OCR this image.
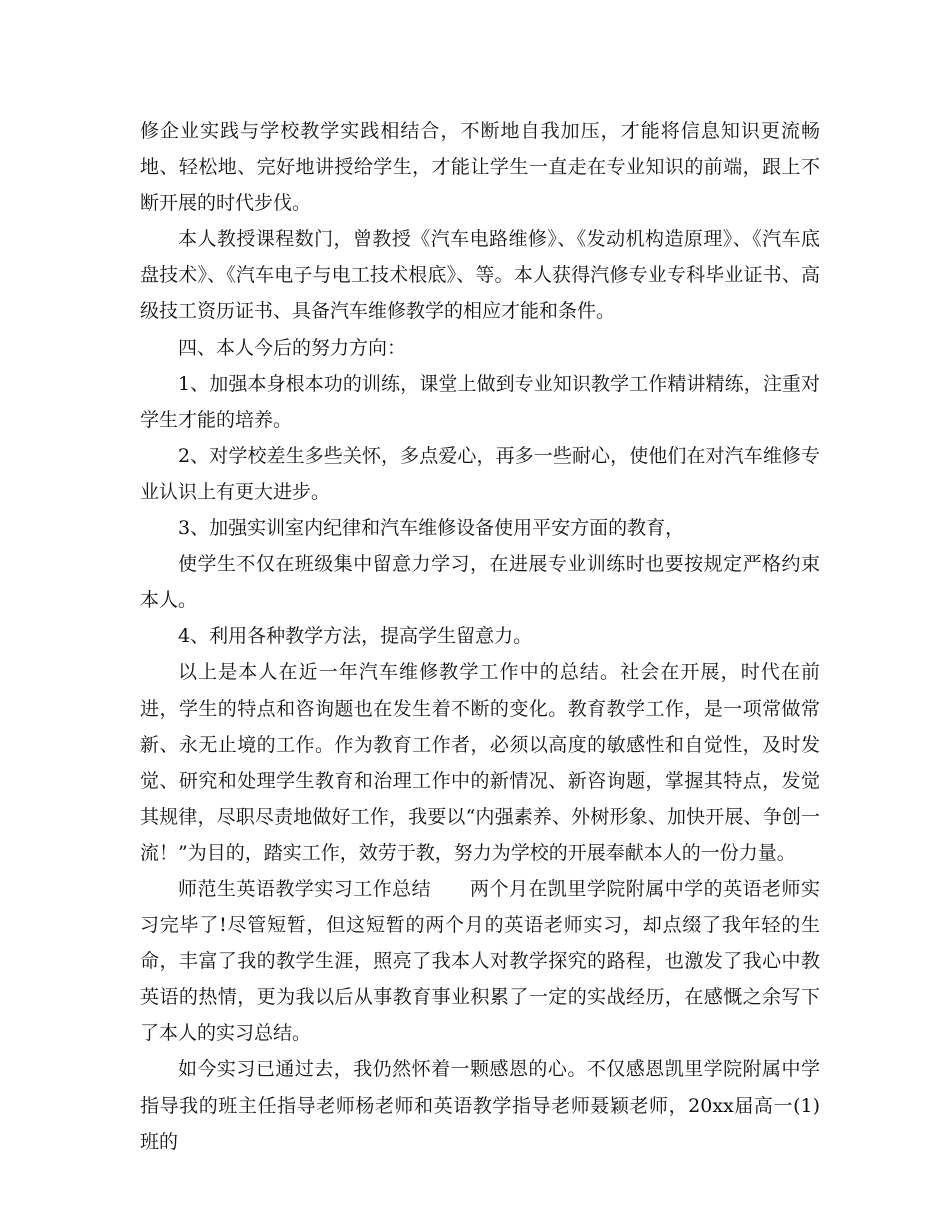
修企业实践与学校教学实践相结合，不断地自我加压，才能将信息知识更流畅地、轻松地、完好地讲授给学生，才能让学生一直走在专业知识的前端，跟上不断开展的时代步伐。

本人教授课程数门，曾教授《汽车电路维修》、《发动机构造原理》、《汽车底盘技术》、《汽车电子与电工技术根底》、等。本人获得汽修专业专科毕业证书、高级技工资历证书、具备汽车维修教学的相应才能和条件。

四、本人今后的努力方向：

1、加强本身根本功的训练，课堂上做到专业知识教学工作精讲精练，注重对学生才能的培养。

2、对学校差生多些关怀，多点爱心，再多一些耐心，使他们在对汽车维修专业认识上有更大进步。

3、加强实训室内纪律和汽车维修设备使用平安方面的教育，

使学生不仅在班级集中留意力学习，在进展专业训练时也要按规定严格约束本人。

4、利用各种教学方法，提高学生留意力。

以上是本人在近一年汽车维修教学工作中的总结。社会在开展，时代在前进，学生的特点和咨询题也在发生着不断的变化。教育教学工作，是一项常做常新、永无止境的工作。作为教育工作者，必须以高度的敏感性和自觉性，及时发觉、研究和处理学生教育和治理工作中的新情况、新咨询题，掌握其特点，发觉其规律，尽职尽责地做好工作，我要以“内强素养、外树形象、加快开展、争创一流！”为目的，踏实工作，效劳于教，努力为学校的开展奉献本人的一份力量。

师范生英语教学实习工作总结　　两个月在凯里学院附属中学的英语老师实习完毕了!尽管短暂，但这短暂的两个月的英语老师实习，却点缀了我年轻的生命，丰富了我的教学生涯，照亮了我本人对教学探究的路程，也激发了我心中教英语的热情，更为我以后从事教育事业积累了一定的实战经历，在感慨之余写下了本人的实习总结。

如今实习已通过去，我仍然怀着一颗感恩的心。不仅感恩凯里学院附属中学指导我的班主任指导老师杨老师和英语教学指导老师聂颖老师，20xx届高一(1)班的
